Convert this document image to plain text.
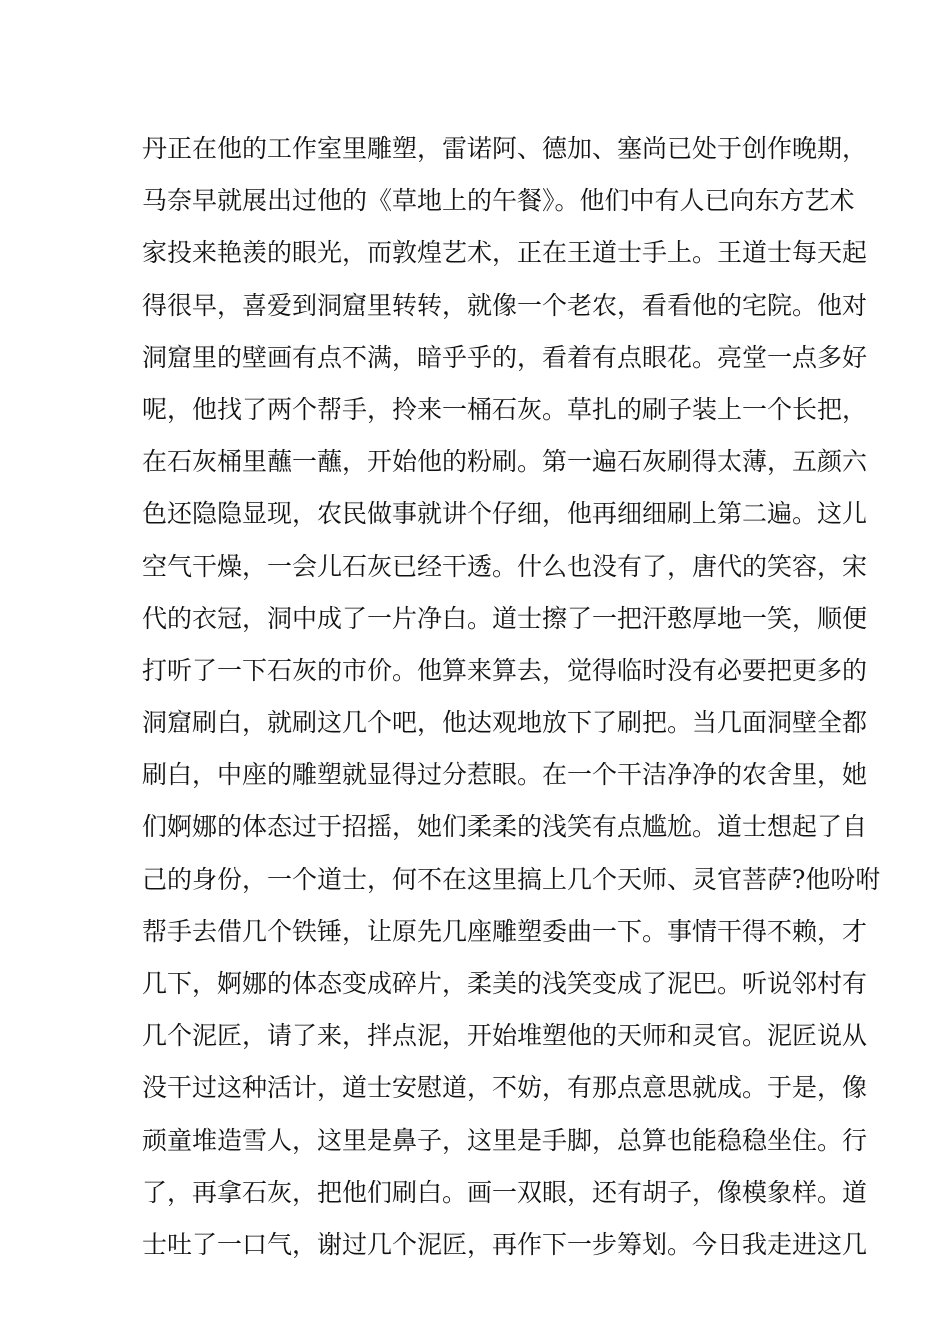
丹正在他的工作室里雕塑，雷诺阿、德加、塞尚已处于创作晚期，
马奈早就展出过他的《草地上的午餐》。他们中有人已向东方艺术
家投来艳羡的眼光，而敦煌艺术，正在王道士手上。王道士每天起
得很早，喜爱到洞窟里转转，就像一个老农，看看他的宅院。他对
洞窟里的壁画有点不满，暗乎乎的，看着有点眼花。亮堂一点多好
呢，他找了两个帮手，拎来一桶石灰。草扎的刷子装上一个长把，
在石灰桶里蘸一蘸，开始他的粉刷。第一遍石灰刷得太薄，五颜六
色还隐隐显现，农民做事就讲个仔细，他再细细刷上第二遍。这儿
空气干燥，一会儿石灰已经干透。什么也没有了，唐代的笑容，宋
代的衣冠，洞中成了一片净白。道士擦了一把汗憨厚地一笑，顺便
打听了一下石灰的市价。他算来算去，觉得临时没有必要把更多的
洞窟刷白，就刷这几个吧，他达观地放下了刷把。当几面洞壁全都
刷白，中座的雕塑就显得过分惹眼。在一个干洁净净的农舍里，她
们婀娜的体态过于招摇，她们柔柔的浅笑有点尴尬。道士想起了自
己的身份，一个道士，何不在这里搞上几个天师、灵官菩萨?他吩咐
帮手去借几个铁锤，让原先几座雕塑委曲一下。事情干得不赖，才
几下，婀娜的体态变成碎片，柔美的浅笑变成了泥巴。听说邻村有
几个泥匠，请了来，拌点泥，开始堆塑他的天师和灵官。泥匠说从
没干过这种活计，道士安慰道，不妨，有那点意思就成。于是，像
顽童堆造雪人，这里是鼻子，这里是手脚，总算也能稳稳坐住。行
了，再拿石灰，把他们刷白。画一双眼，还有胡子，像模象样。道
士吐了一口气，谢过几个泥匠，再作下一步筹划。今日我走进这几
